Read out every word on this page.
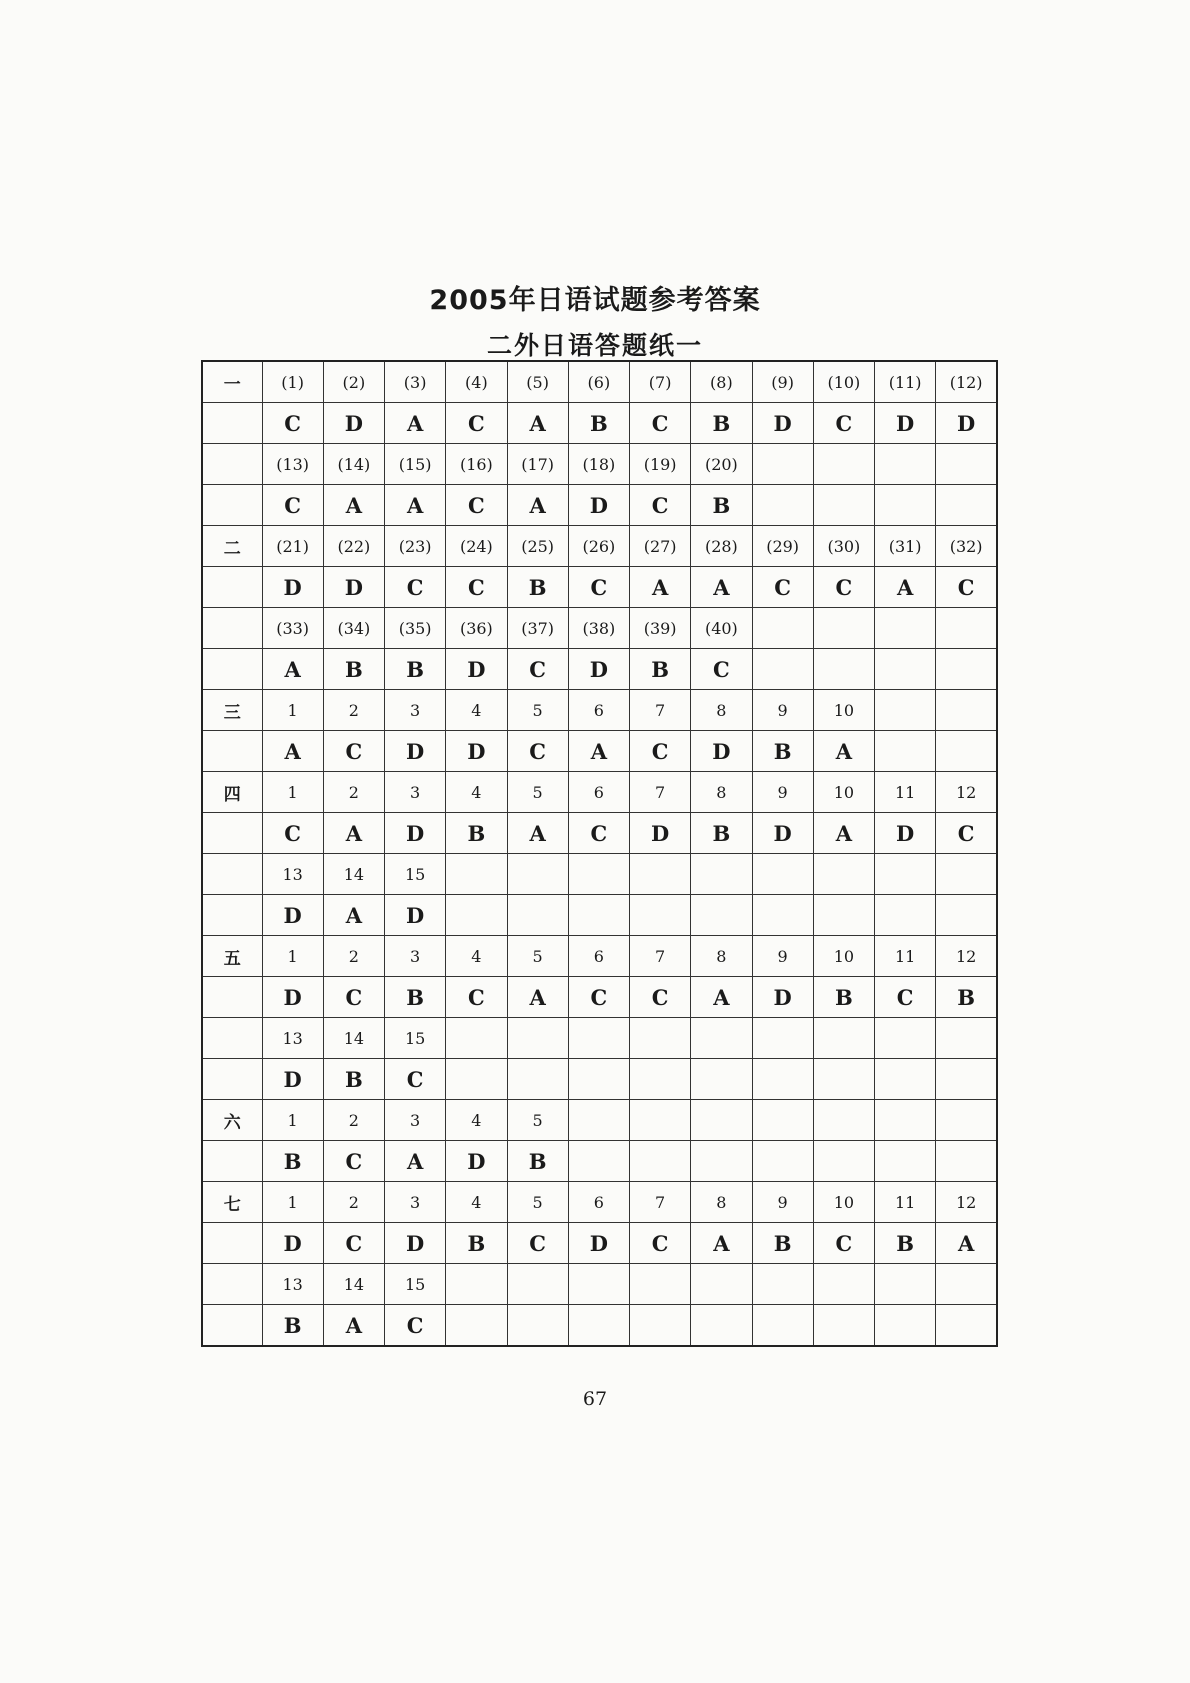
2005年日语试题参考答案
二外日语答题纸一
一	(1)	(2)	(3)	(4)	(5)	(6)	(7)	(8)	(9)	(10)	(11)	(12)
	C	D	A	C	A	B	C	B	D	C	D	D
	(13)	(14)	(15)	(16)	(17)	(18)	(19)	(20)				
	C	A	A	C	A	D	C	B				
二	(21)	(22)	(23)	(24)	(25)	(26)	(27)	(28)	(29)	(30)	(31)	(32)
	D	D	C	C	B	C	A	A	C	C	A	C
	(33)	(34)	(35)	(36)	(37)	(38)	(39)	(40)				
	A	B	B	D	C	D	B	C				
三	1	2	3	4	5	6	7	8	9	10		
	A	C	D	D	C	A	C	D	B	A		
四	1	2	3	4	5	6	7	8	9	10	11	12
	C	A	D	B	A	C	D	B	D	A	D	C
	13	14	15									
	D	A	D									
五	1	2	3	4	5	6	7	8	9	10	11	12
	D	C	B	C	A	C	C	A	D	B	C	B
	13	14	15									
	D	B	C									
六	1	2	3	4	5							
	B	C	A	D	B							
七	1	2	3	4	5	6	7	8	9	10	11	12
	D	C	D	B	C	D	C	A	B	C	B	A
	13	14	15									
	B	A	C									
67
